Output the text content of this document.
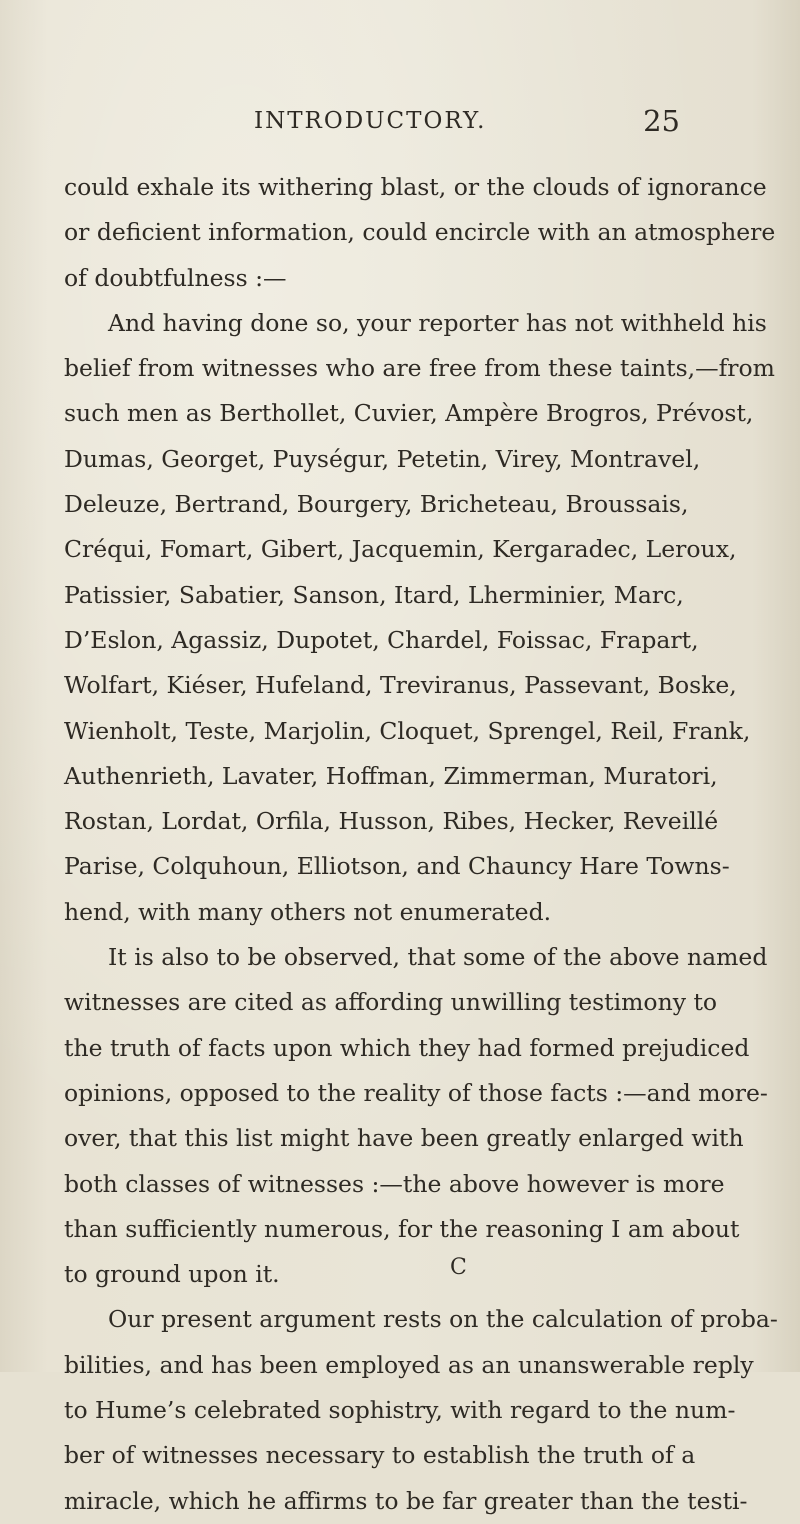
INTRODUCTORY.	25
could exhale its withering blast, or the clouds of ignorance
or deficient information, could encircle with an atmosphere
of doubtfulness :—
And having done so, your reporter has not withheld his
belief from witnesses who are free from these taints,—from
such men as Berthollet, Cuvier, Ampère Brogros, Prévost,
Dumas, Georget, Puységur, Petetin, Virey, Montravel,
Deleuze, Bertrand, Bourgery, Bricheteau, Broussais,
Créqui, Fomart, Gibert, Jacquemin, Kergaradec, Leroux,
Patissier, Sabatier, Sanson, Itard, Lherminier, Marc,
D’Eslon, Agassiz, Dupotet, Chardel, Foissac, Frapart,
Wolfart, Kiéser, Hufeland, Treviranus, Passevant, Boske,
Wienholt, Teste, Marjolin, Cloquet, Sprengel, Reil, Frank,
Authenrieth, Lavater, Hoffman, Zimmerman, Muratori,
Rostan, Lordat, Orfila, Husson, Ribes, Hecker, Reveillé
Parise, Colquhoun, Elliotson, and Chauncy Hare Towns-
hend, with many others not enumerated.
It is also to be observed, that some of the above named
witnesses are cited as affording unwilling testimony to
the truth of facts upon which they had formed prejudiced
opinions, opposed to the reality of those facts :—and more-
over, that this list might have been greatly enlarged with
both classes of witnesses :—the above however is more
than sufficiently numerous, for the reasoning I am about
to ground upon it.
Our present argument rests on the calculation of proba-
bilities, and has been employed as an unanswerable reply
to Hume’s celebrated sophistry, with regard to the num-
ber of witnesses necessary to establish the truth of a
miracle, which he affirms to be far greater than the testi-
C
